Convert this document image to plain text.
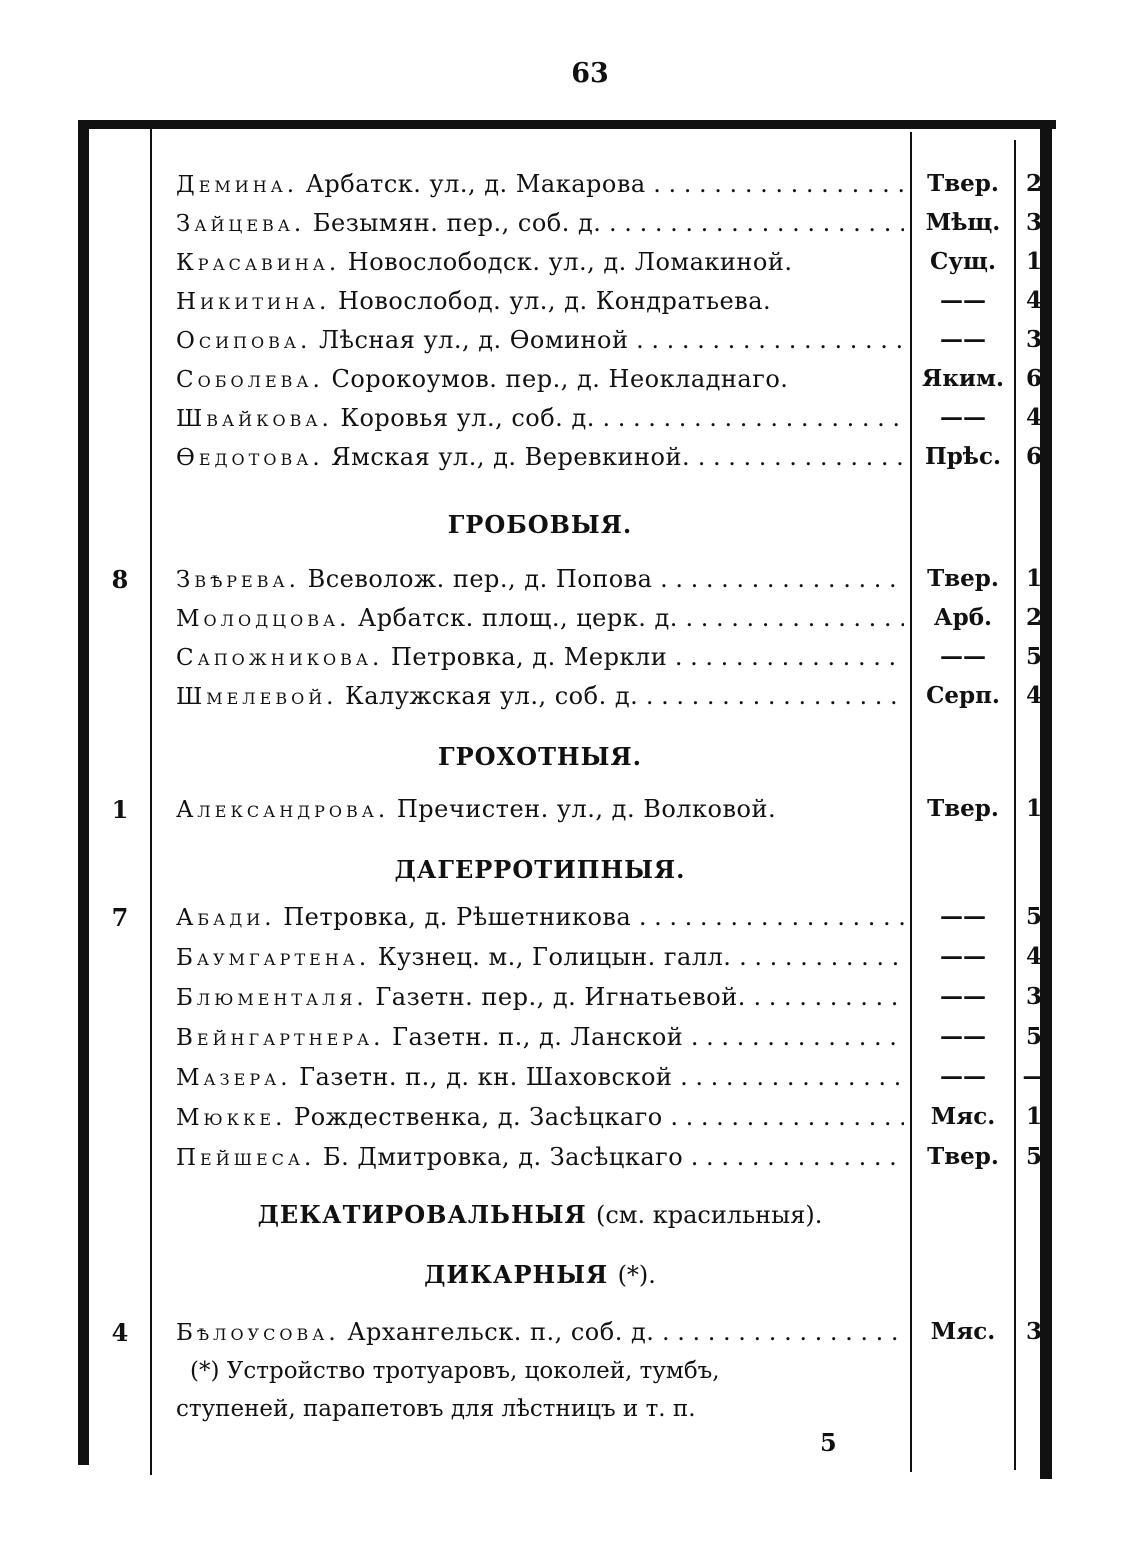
63
Демина. Арбатск. ул., д. Макарова . . .	Твер.	2
Зайцева. Безымян. пер., соб. д. . . .	Мѣщ.	3
Красавина. Новослободск. ул., д. Ломакиной.	Сущ.	1
Никитина. Новослобод. ул., д. Кондратьева.	——	4
Осипова. Лѣсная ул., д. Ѳоминой . . .	——	3
Соболева. Сорокоумов. пер., д. Неокладнаго.	Яким. 6
Швайкова. Коровья ул., соб. д. . . .	——	4
Ѳедотова. Ямская ул., д. Веревкиной. . . .	Прѣс.	6
ГРОБОВЫЯ.
8	Звѣрева. Всеволож. пер., д. Попова . . .	Твер.	1
Молодцова. Арбатск. площ., церк. д. . . .	Арб.	2
Сапожникова. Петровка, д. Меркли . . .	——	5
Шмелевой. Калужская ул., соб. д. . . .	Серп.	4
ГРОХОТНЫЯ.
1	Александрова. Пречистен. ул., д. Волковой.	Твер.	1
ДАГЕРРОТИПНЫЯ.
7	Абади. Петровка, д. Рѣшетникова . . .	——	5
Баумгартена. Кузнец. м., Голицын. галл. . . .	——	4
Блюменталя. Газетн. пер., д. Игнатьевой. . . .	——	3
Вейнгартнера. Газетн. п., д. Ланской . . .	——	5
Мазера. Газетн. п., д. кн. Шаховской . . .	——	—
Мюкке. Рождественка, д. Засѣцкаго . . .	Мяс.	1
Пейшеса. Б. Дмитровка, д. Засѣцкаго . . .	Твер.	5
ДЕКАТИРОВАЛЬНЫЯ (см. красильныя).
ДИКАРНЫЯ (*).
4	Бѣлоусова. Архангельск. п., соб. д. . . .	Мяс.	3
(*) Устройство тротуаровъ, цоколей, тумбъ,
ступеней, парапетовъ для лѣстницъ и т. п.
5
